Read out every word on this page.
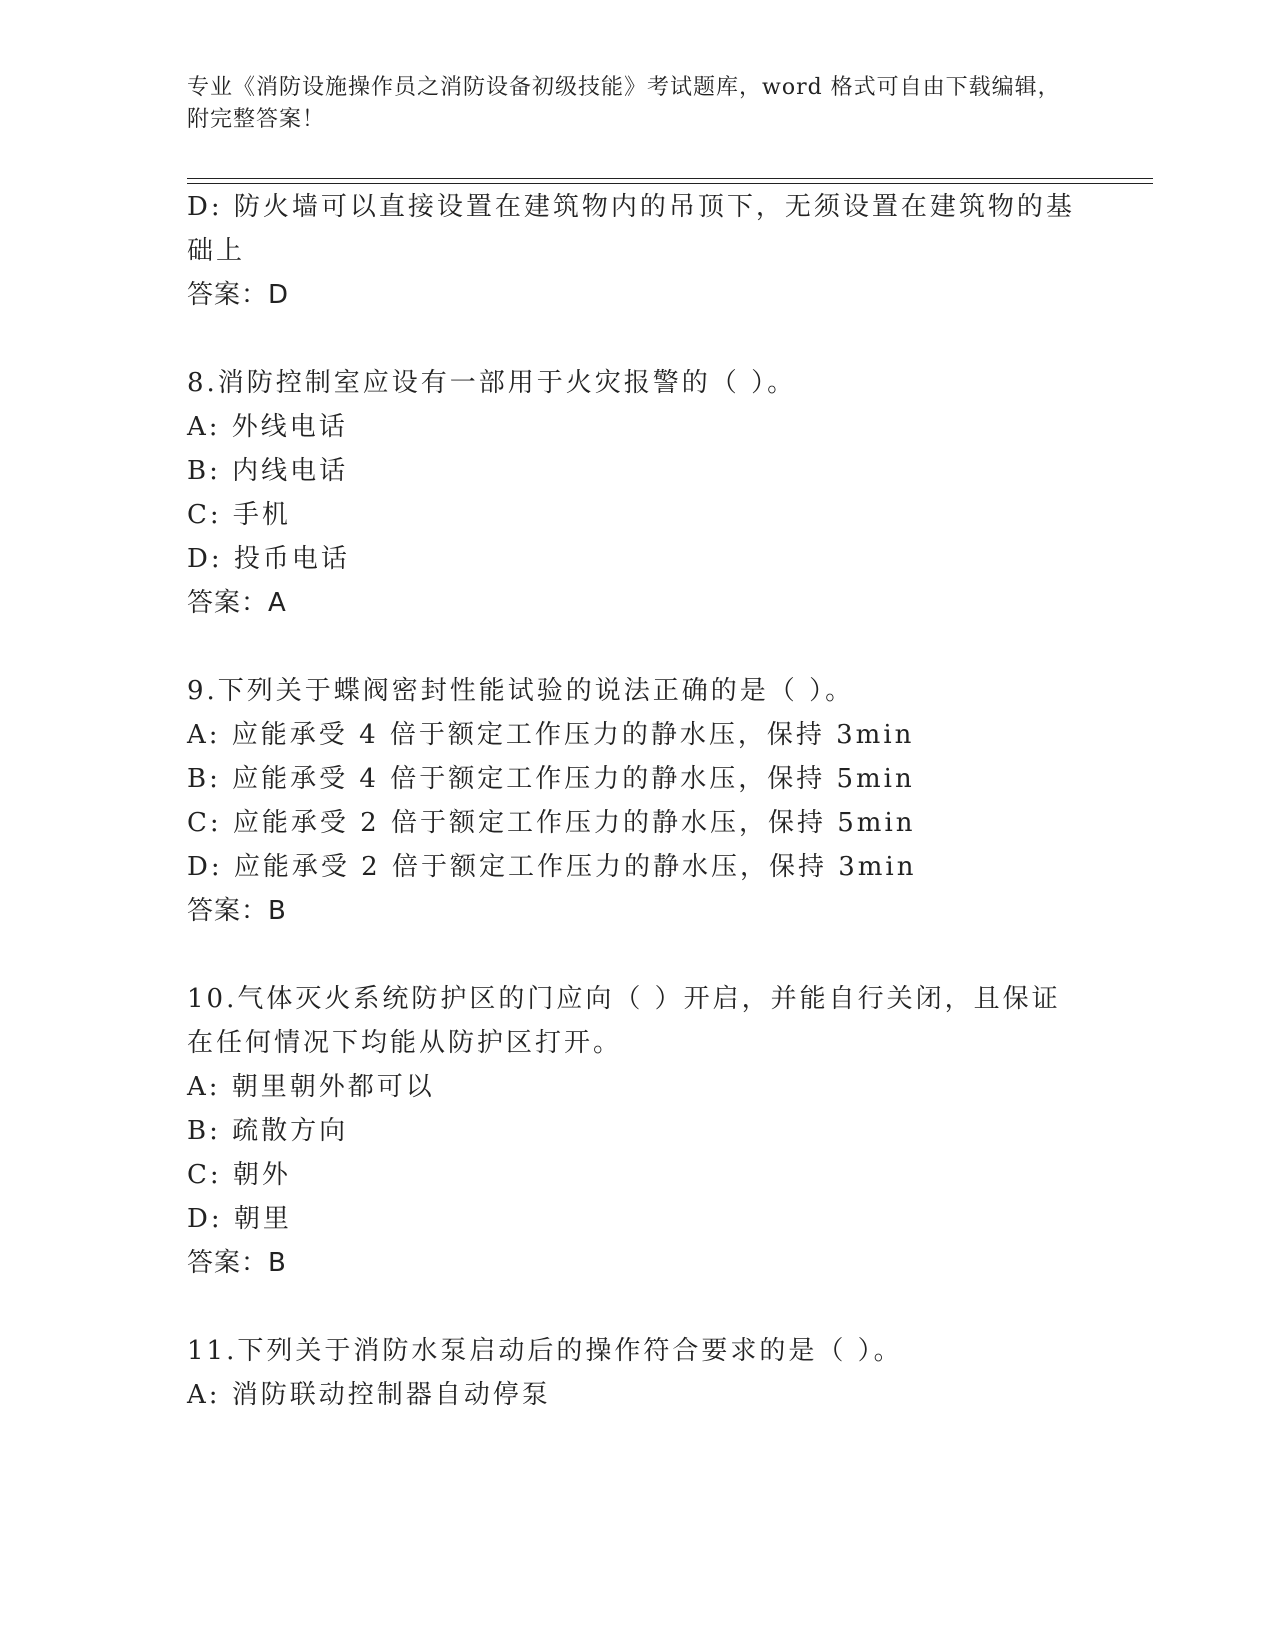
专业《消防设施操作员之消防设备初级技能》考试题库，word 格式可自由下载编辑，附完整答案！
D: 防火墙可以直接设置在建筑物内的吊顶下，无须设置在建筑物的基
础上
答案：D
8.消防控制室应设有一部用于火灾报警的（ ）。
A: 外线电话
B: 内线电话
C: 手机
D: 投币电话
答案：A
9.下列关于蝶阀密封性能试验的说法正确的是（ ）。
A: 应能承受 4 倍于额定工作压力的静水压，保持 3min
B: 应能承受 4 倍于额定工作压力的静水压，保持 5min
C: 应能承受 2 倍于额定工作压力的静水压，保持 5min
D: 应能承受 2 倍于额定工作压力的静水压，保持 3min
答案：B
10.气体灭火系统防护区的门应向（ ）开启，并能自行关闭，且保证
在任何情况下均能从防护区打开。
A: 朝里朝外都可以
B: 疏散方向
C: 朝外
D: 朝里
答案：B
11.下列关于消防水泵启动后的操作符合要求的是（ ）。
A: 消防联动控制器自动停泵
